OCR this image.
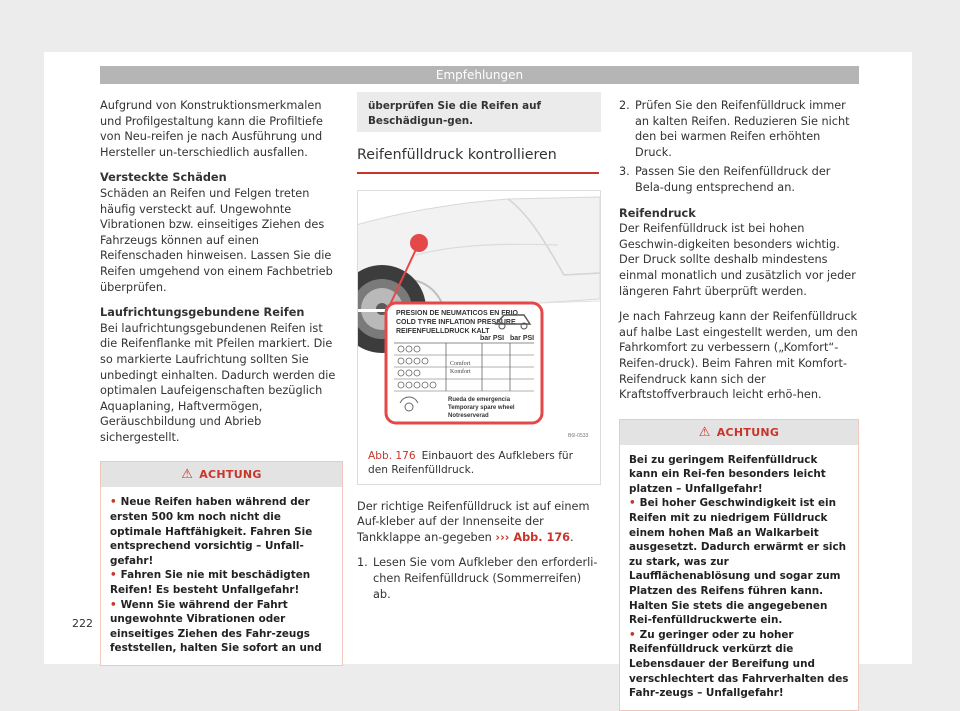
Empfehlungen

Aufgrund von Konstruktionsmerkmalen und Profilgestaltung kann die Profiltiefe von Neu-reifen je nach Ausführung und Hersteller un-terschiedlich ausfallen.

Versteckte Schäden

Schäden an Reifen und Felgen treten häufig versteckt auf. Ungewohnte Vibrationen bzw. einseitiges Ziehen des Fahrzeugs können auf einen Reifenschaden hinweisen. Lassen Sie die Reifen umgehend von einem Fachbetrieb überprüfen.

Laufrichtungsgebundene Reifen

Bei laufrichtungsgebundenen Reifen ist die Reifenflanke mit Pfeilen markiert. Die so markierte Laufrichtung sollten Sie unbedingt einhalten. Dadurch werden die optimalen Laufeigenschaften bezüglich Aquaplaning, Haftvermögen, Geräuschbildung und Abrieb sichergestellt.

⚠ ACHTUNG
• Neue Reifen haben während der ersten 500 km noch nicht die optimale Haftfähigkeit. Fahren Sie entsprechend vorsichtig – Unfall-gefahr!
• Fahren Sie nie mit beschädigten Reifen! Es besteht Unfallgefahr!
• Wenn Sie während der Fahrt ungewohnte Vibrationen oder einseitiges Ziehen des Fahr-zeugs feststellen, halten Sie sofort an und
überprüfen Sie die Reifen auf Beschädigun-gen.
Reifenfülldruck kontrollieren
PRESION DE NEUMATICOS EN FRIO
COLD TYRE INFLATION PRESSURE
REIFENFUELLDRUCK KALT
bar PSI bar PSI
Comfort
Komfort
Rueda de emergencia
Temporary spare wheel
Notreserverad
B6I-0533
Abb. 176 Einbauort des Aufklebers für den Reifenfülldruck.

Der richtige Reifenfülldruck ist auf einem Auf-kleber auf der Innenseite der Tankklappe an-gegeben ››› Abb. 176.

1. Lesen Sie vom Aufkleber den erforderli-chen Reifenfülldruck (Sommerreifen) ab.
2. Prüfen Sie den Reifenfülldruck immer an kalten Reifen. Reduzieren Sie nicht den bei warmen Reifen erhöhten Druck.
3. Passen Sie den Reifenfülldruck der Bela-dung entsprechend an.

Reifendruck

Der Reifenfülldruck ist bei hohen Geschwin-digkeiten besonders wichtig. Der Druck sollte deshalb mindestens einmal monatlich und zusätzlich vor jeder längeren Fahrt überprüft werden.

Je nach Fahrzeug kann der Reifenfülldruck auf halbe Last eingestellt werden, um den Fahrkomfort zu verbessern („Komfort“-Reifen-druck). Beim Fahren mit Komfort-Reifendruck kann sich der Kraftstoffverbrauch leicht erhö-hen.

⚠ ACHTUNG
Bei zu geringem Reifenfülldruck kann ein Rei-fen besonders leicht platzen – Unfallgefahr!
• Bei hoher Geschwindigkeit ist ein Reifen mit zu niedrigem Fülldruck einem hohen Maß an Walkarbeit ausgesetzt. Dadurch erwärmt er sich zu stark, was zur Laufflächenablösung und sogar zum Platzen des Reifens führen kann. Halten Sie stets die angegebenen Rei-fenfülldruckwerte ein.
• Zu geringer oder zu hoher Reifenfülldruck verkürzt die Lebensdauer der Bereifung und verschlechtert das Fahrverhalten des Fahr-zeugs – Unfallgefahr!
222
